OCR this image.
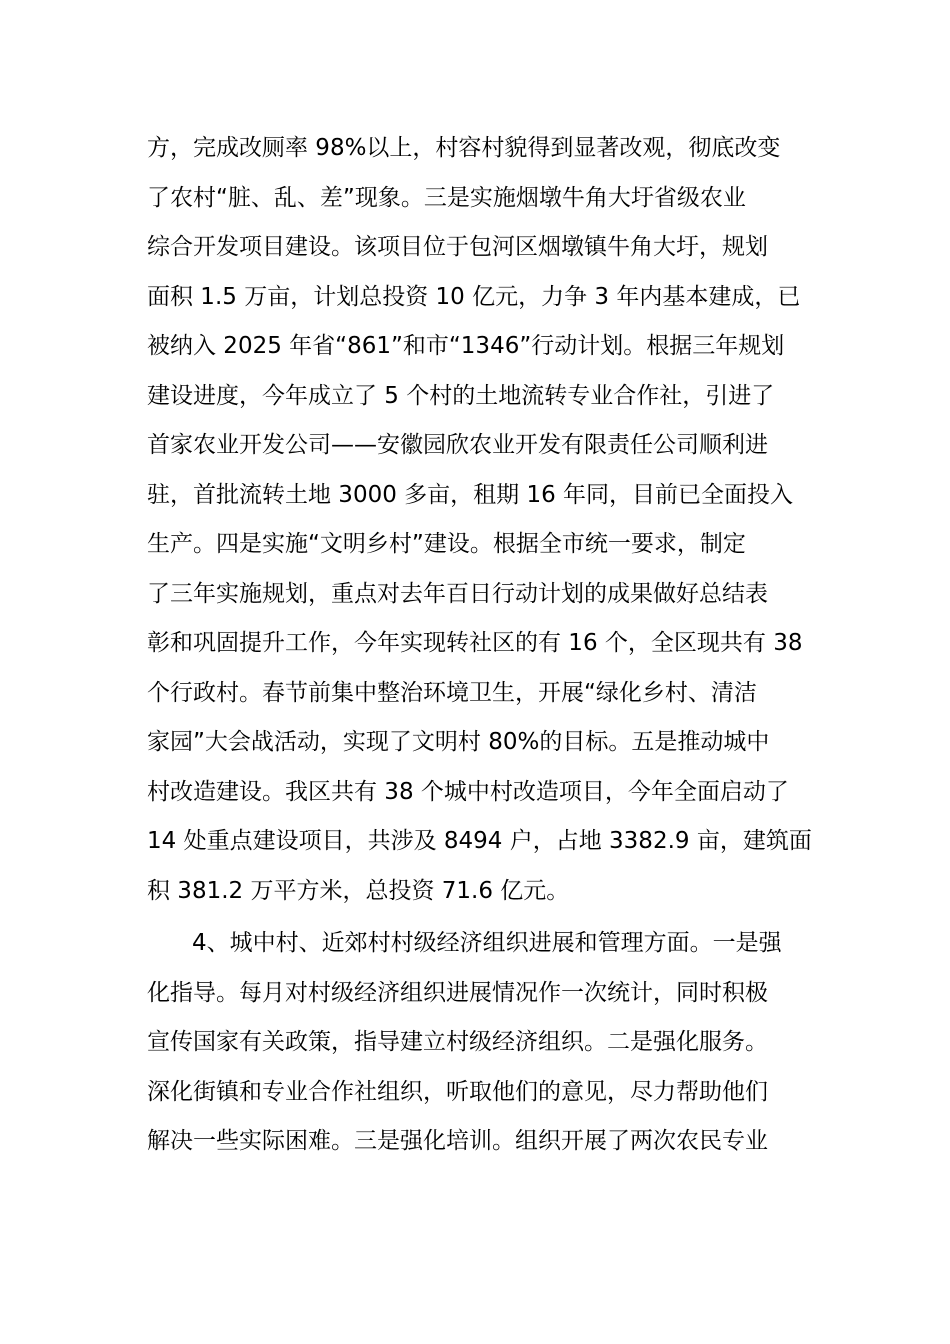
方，完成改厕率 98%以上，村容村貌得到显著改观，彻底改变
了农村“脏、乱、差”现象。三是实施烟墩牛角大圩省级农业
综合开发项目建设。该项目位于包河区烟墩镇牛角大圩，规划
面积 1.5 万亩，计划总投资 10 亿元，力争 3 年内基本建成，已
被纳入 2025 年省“861”和市“1346”行动计划。根据三年规划
建设进度，今年成立了 5 个村的土地流转专业合作社，引进了
首家农业开发公司——安徽园欣农业开发有限责任公司顺利进
驻，首批流转土地 3000 多亩，租期 16 年同，目前已全面投入
生产。四是实施“文明乡村”建设。根据全市统一要求，制定
了三年实施规划，重点对去年百日行动计划的成果做好总结表
彰和巩固提升工作，今年实现转社区的有 16 个，全区现共有 38
个行政村。春节前集中整治环境卫生，开展“绿化乡村、清洁
家园”大会战活动，实现了文明村 80%的目标。五是推动城中
村改造建设。我区共有 38 个城中村改造项目，今年全面启动了
14 处重点建设项目，共涉及 8494 户，占地 3382.9 亩，建筑面
积 381.2 万平方米，总投资 71.6 亿元。
4、城中村、近郊村村级经济组织进展和管理方面。一是强
化指导。每月对村级经济组织进展情况作一次统计，同时积极
宣传国家有关政策，指导建立村级经济组织。二是强化服务。
深化街镇和专业合作社组织，听取他们的意见，尽力帮助他们
解决一些实际困难。三是强化培训。组织开展了两次农民专业
